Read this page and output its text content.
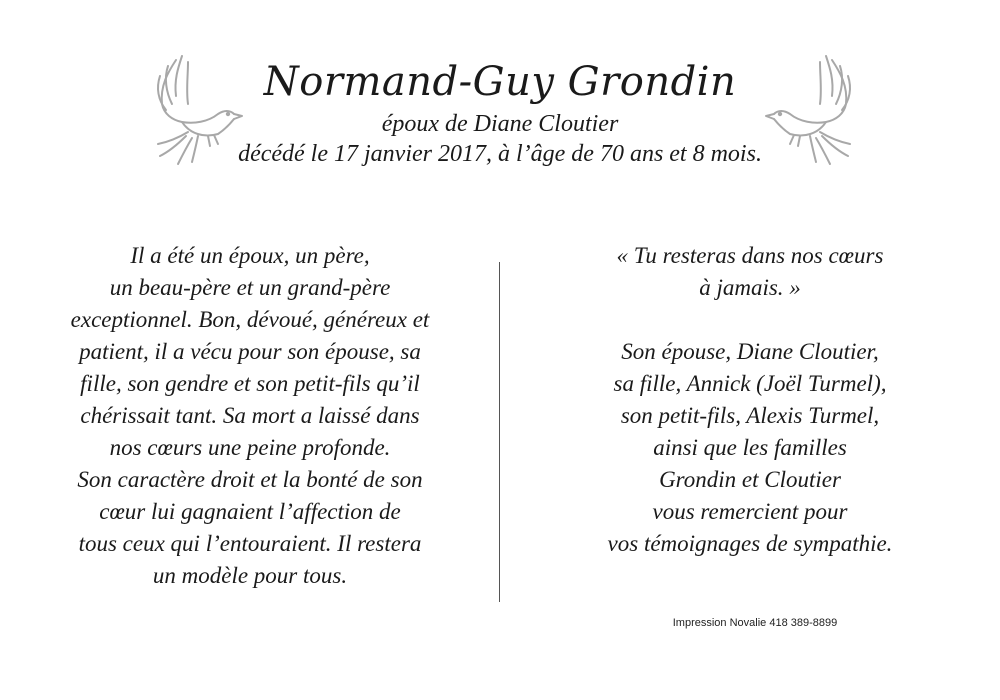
Normand-Guy Grondin
époux de Diane Cloutier
décédé le 17 janvier 2017, à l’âge de 70 ans et 8 mois.
Il a été un époux, un père,
un beau-père et un grand-père
exceptionnel. Bon, dévoué, généreux et
patient, il a vécu pour son épouse, sa
fille, son gendre et son petit-fils qu’il
chérissait tant. Sa mort a laissé dans
nos cœurs une peine profonde.
Son caractère droit et la bonté de son
cœur lui gagnaient l’affection de
tous ceux qui l’entouraient. Il restera
un modèle pour tous.
« Tu resteras dans nos cœurs
à jamais. »
Son épouse, Diane Cloutier,
sa fille, Annick (Joël Turmel),
son petit-fils, Alexis Turmel,
ainsi que les familles
Grondin et Cloutier
vous remercient pour
vos témoignages de sympathie.
Impression Novalie 418 389-8899
